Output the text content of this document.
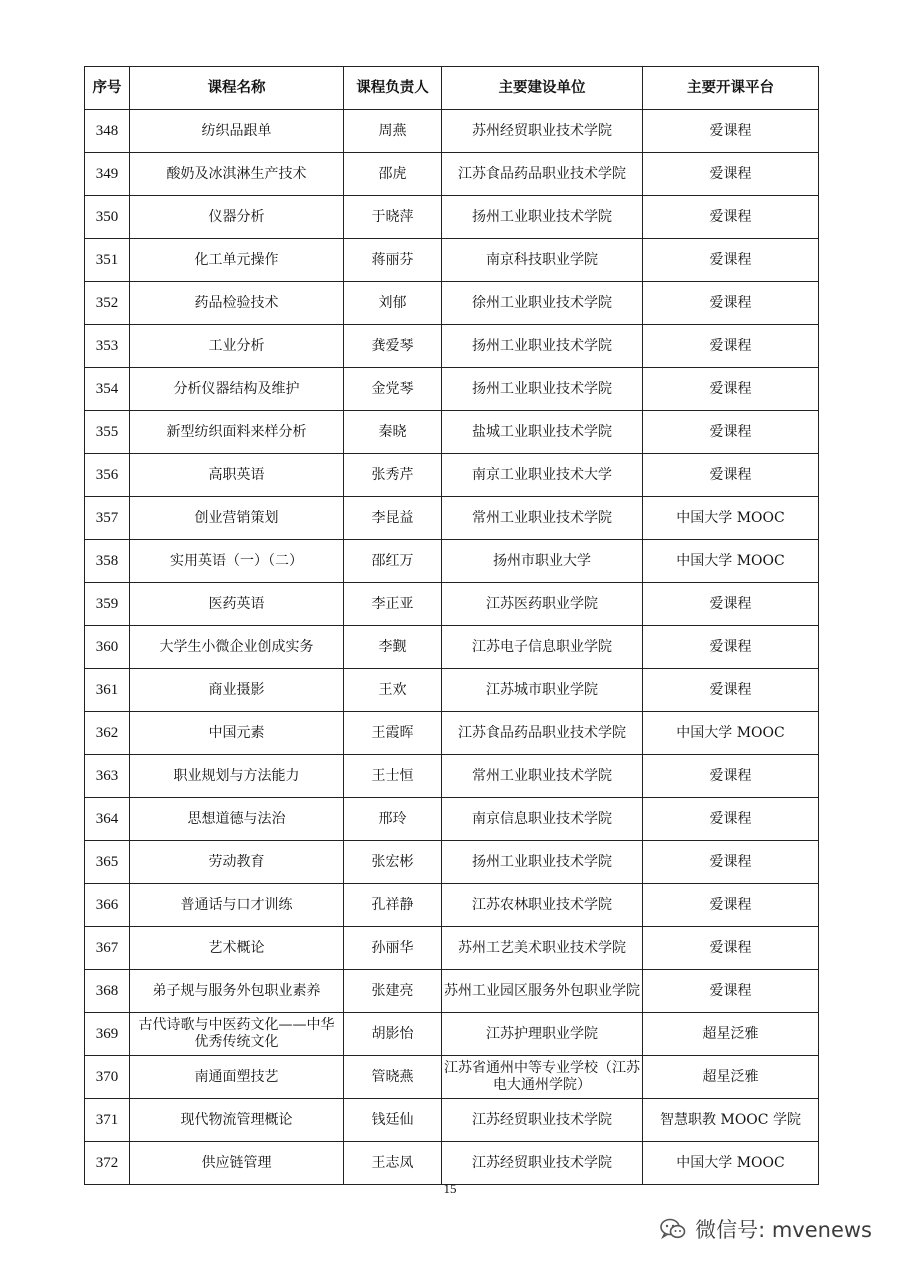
序号	课程名称	课程负责人	主要建设单位	主要开课平台
348	纺织品跟单	周燕	苏州经贸职业技术学院	爱课程
349	酸奶及冰淇淋生产技术	邵虎	江苏食品药品职业技术学院	爱课程
350	仪器分析	于晓萍	扬州工业职业技术学院	爱课程
351	化工单元操作	蒋丽芬	南京科技职业学院	爱课程
352	药品检验技术	刘郁	徐州工业职业技术学院	爱课程
353	工业分析	龚爱琴	扬州工业职业技术学院	爱课程
354	分析仪器结构及维护	金党琴	扬州工业职业技术学院	爱课程
355	新型纺织面料来样分析	秦晓	盐城工业职业技术学院	爱课程
356	高职英语	张秀芹	南京工业职业技术大学	爱课程
357	创业营销策划	李昆益	常州工业职业技术学院	中国大学 MOOC
358	实用英语（一）（二）	邵红万	扬州市职业大学	中国大学 MOOC
359	医药英语	李正亚	江苏医药职业学院	爱课程
360	大学生小微企业创成实务	李觐	江苏电子信息职业学院	爱课程
361	商业摄影	王欢	江苏城市职业学院	爱课程
362	中国元素	王霞晖	江苏食品药品职业技术学院	中国大学 MOOC
363	职业规划与方法能力	王士恒	常州工业职业技术学院	爱课程
364	思想道德与法治	邢玲	南京信息职业技术学院	爱课程
365	劳动教育	张宏彬	扬州工业职业技术学院	爱课程
366	普通话与口才训练	孔祥静	江苏农林职业技术学院	爱课程
367	艺术概论	孙丽华	苏州工艺美术职业技术学院	爱课程
368	弟子规与服务外包职业素养	张建亮	苏州工业园区服务外包职业学院	爱课程
369	古代诗歌与中医药文化——中华优秀传统文化	胡影怡	江苏护理职业学院	超星泛雅
370	南通面塑技艺	管晓燕	江苏省通州中等专业学校（江苏电大通州学院）	超星泛雅
371	现代物流管理概论	钱廷仙	江苏经贸职业技术学院	智慧职教 MOOC 学院
372	供应链管理	王志凤	江苏经贸职业技术学院	中国大学 MOOC
15
微信号: mvenews
